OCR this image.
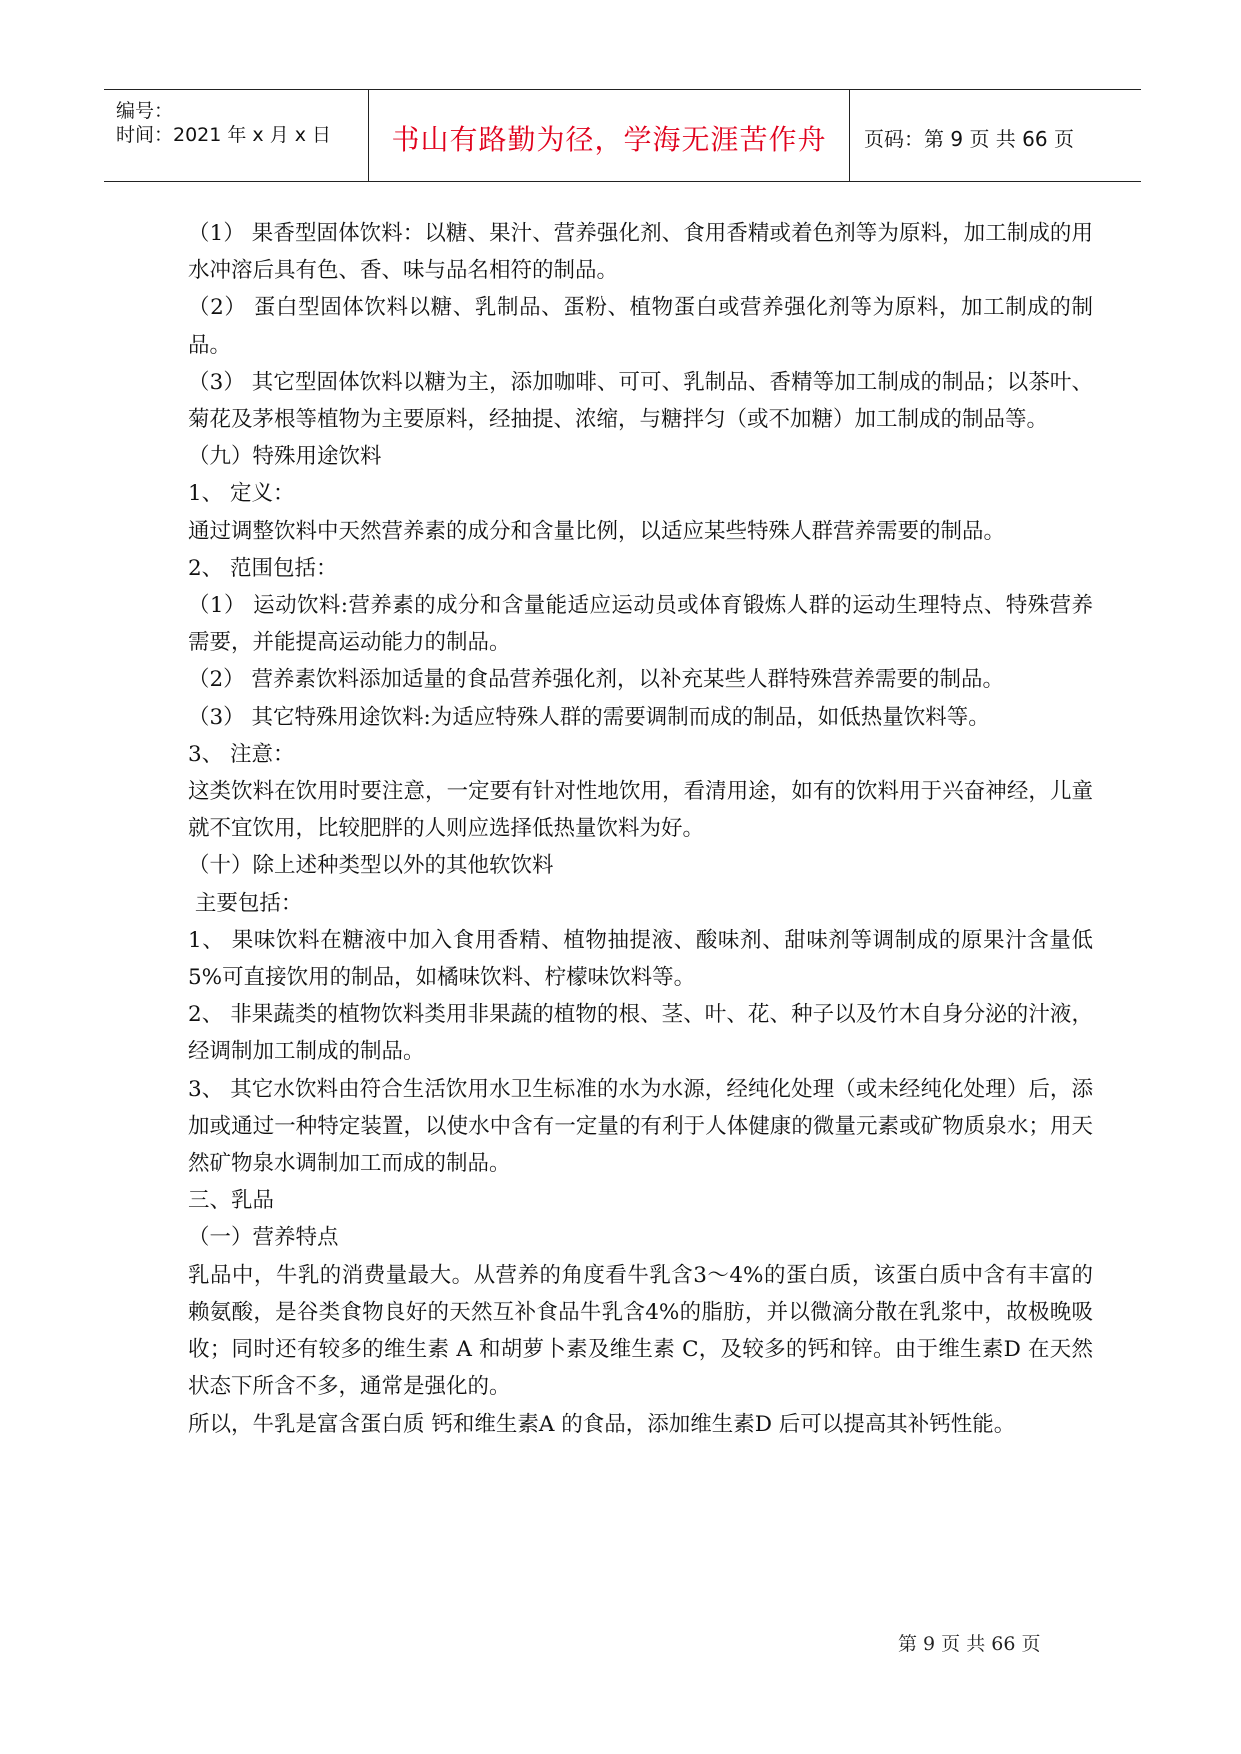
编号：
时间：2021 年 x 月 x 日	书山有路勤为径，学海无涯苦作舟	页码：第 9 页 共 66 页

（1） 果香型固体饮料：以糖、果汁、营养强化剂、食用香精或着色剂等为原料，加工制成的用水冲溶后具有色、香、味与品名相符的制品。

（2） 蛋白型固体饮料以糖、乳制品、蛋粉、植物蛋白或营养强化剂等为原料，加工制成的制品。

（3） 其它型固体饮料以糖为主，添加咖啡、可可、乳制品、香精等加工制成的制品；以茶叶、菊花及茅根等植物为主要原料，经抽提、浓缩，与糖拌匀（或不加糖）加工制成的制品等。

（九）特殊用途饮料

1、 定义：

通过调整饮料中天然营养素的成分和含量比例，以适应某些特殊人群营养需要的制品。

2、 范围包括：

（1） 运动饮料:营养素的成分和含量能适应运动员或体育锻炼人群的运动生理特点、特殊营养需要，并能提高运动能力的制品。

（2） 营养素饮料添加适量的食品营养强化剂，以补充某些人群特殊营养需要的制品。

（3） 其它特殊用途饮料:为适应特殊人群的需要调制而成的制品，如低热量饮料等。

3、 注意：

这类饮料在饮用时要注意，一定要有针对性地饮用，看清用途，如有的饮料用于兴奋神经，儿童就不宜饮用，比较肥胖的人则应选择低热量饮料为好。

（十）除上述种类型以外的其他软饮料

主要包括：

1、 果味饮料在糖液中加入食用香精、植物抽提液、酸味剂、甜味剂等调制成的原果汁含量低5%可直接饮用的制品，如橘味饮料、柠檬味饮料等。

2、 非果蔬类的植物饮料类用非果蔬的植物的根、茎、叶、花、种子以及竹木自身分泌的汁液，经调制加工制成的制品。

3、 其它水饮料由符合生活饮用水卫生标准的水为水源，经纯化处理（或未经纯化处理）后，添加或通过一种特定装置，以使水中含有一定量的有利于人体健康的微量元素或矿物质泉水；用天然矿物泉水调制加工而成的制品。

三、乳品

（一）营养特点

乳品中，牛乳的消费量最大。从营养的角度看牛乳含3～4%的蛋白质，该蛋白质中含有丰富的赖氨酸，是谷类食物良好的天然互补食品牛乳含4%的脂肪，并以微滴分散在乳浆中，故极晚吸收；同时还有较多的维生素 A 和胡萝卜素及维生素 C，及较多的钙和锌。由于维生素D 在天然状态下所含不多，通常是强化的。

所以，牛乳是富含蛋白质 钙和维生素A 的食品，添加维生素D 后可以提高其补钙性能。

第 9 页 共 66 页
